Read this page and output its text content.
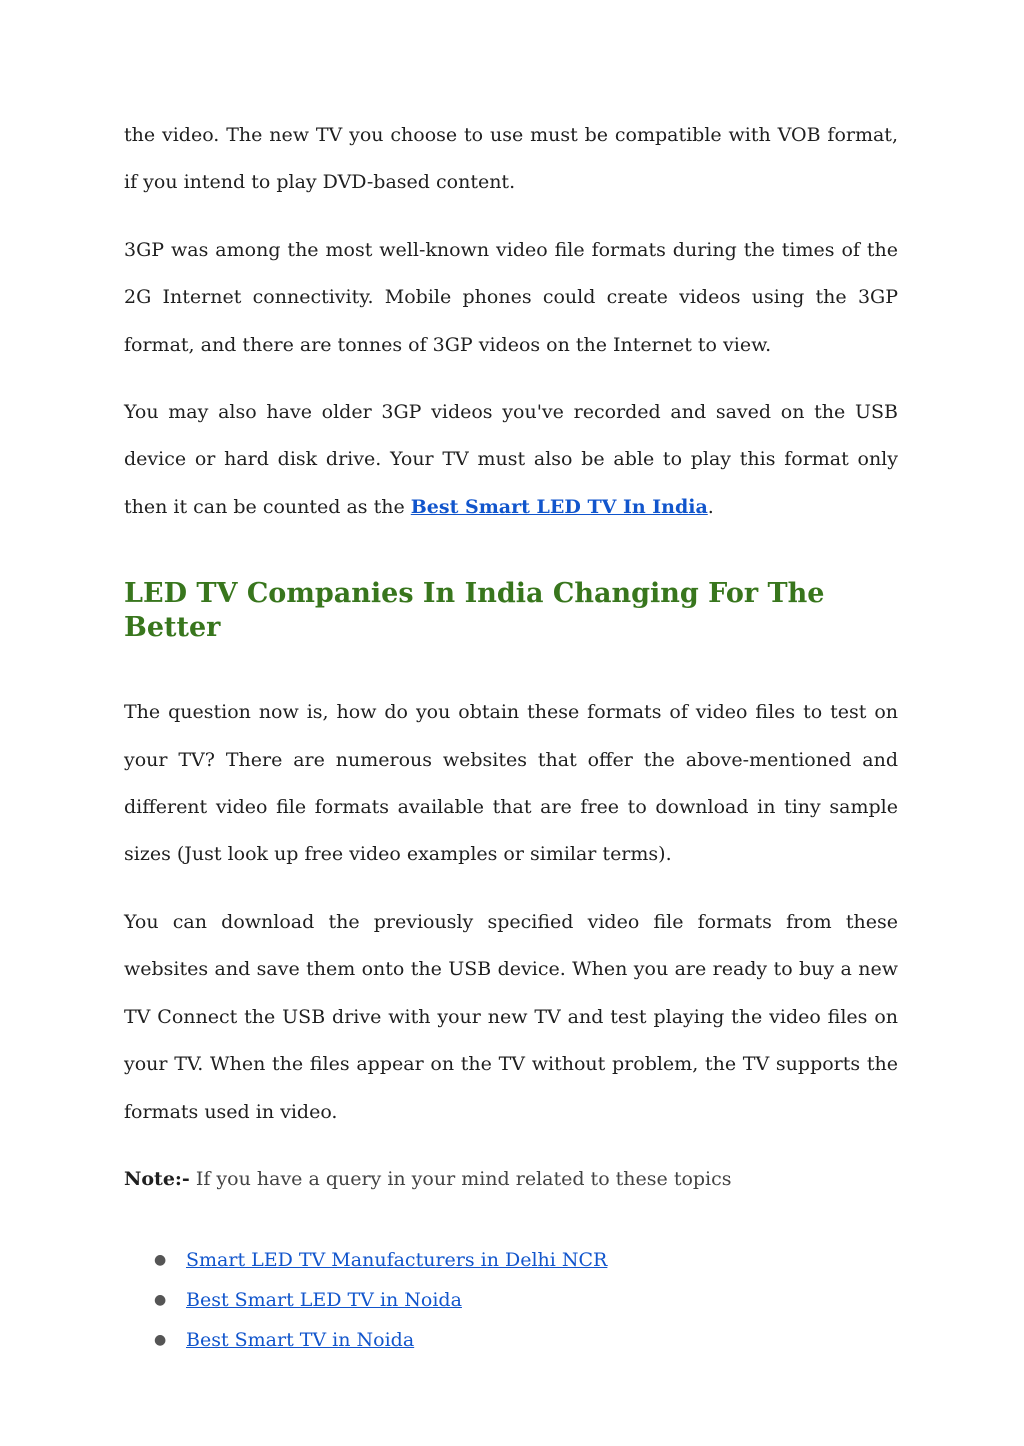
the video. The new TV you choose to use must be compatible with VOB format, if you intend to play DVD-based content.

3GP was among the most well-known video file formats during the times of the 2G Internet connectivity. Mobile phones could create videos using the 3GP format, and there are tonnes of 3GP videos on the Internet to view.

You may also have older 3GP videos you've recorded and saved on the USB device or hard disk drive. Your TV must also be able to play this format only then it can be counted as the Best Smart LED TV In India.

LED TV Companies In India Changing For The Better

The question now is, how do you obtain these formats of video files to test on your TV? There are numerous websites that offer the above-mentioned and different video file formats available that are free to download in tiny sample sizes (Just look up free video examples or similar terms).

You can download the previously specified video file formats from these websites and save them onto the USB device. When you are ready to buy a new TV Connect the USB drive with your new TV and test playing the video files on your TV. When the files appear on the TV without problem, the TV supports the formats used in video.

Note:- If you have a query in your mind related to these topics

● Smart LED TV Manufacturers in Delhi NCR
● Best Smart LED TV in Noida
● Best Smart TV in Noida
